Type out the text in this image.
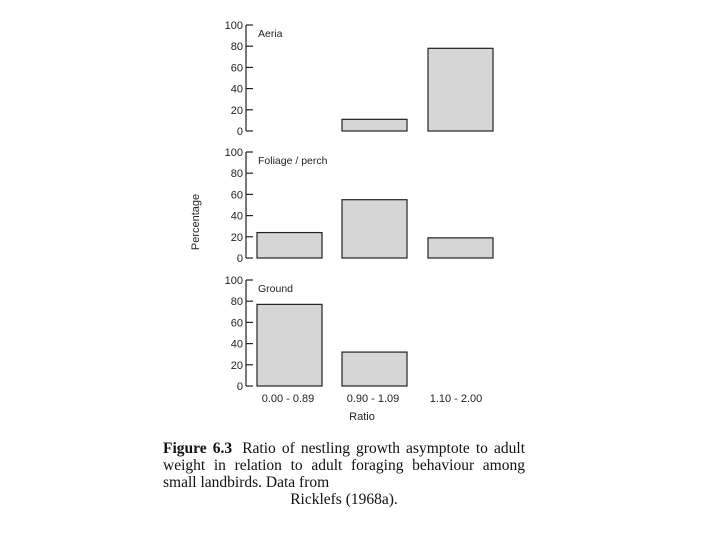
0
20
40
60
80
100
Aeria
0
20
40
60
80
100
Foliage / perch
0
20
40
60
80
100
Ground
0.00 - 0.89	0.90 - 1.09	1.10 - 2.00
Percentage
Ratio
Figure 6.3 Ratio of nestling growth asymptote to adult weight in relation to adult foraging behaviour among small landbirds. Data from
Ricklefs (1968a).
